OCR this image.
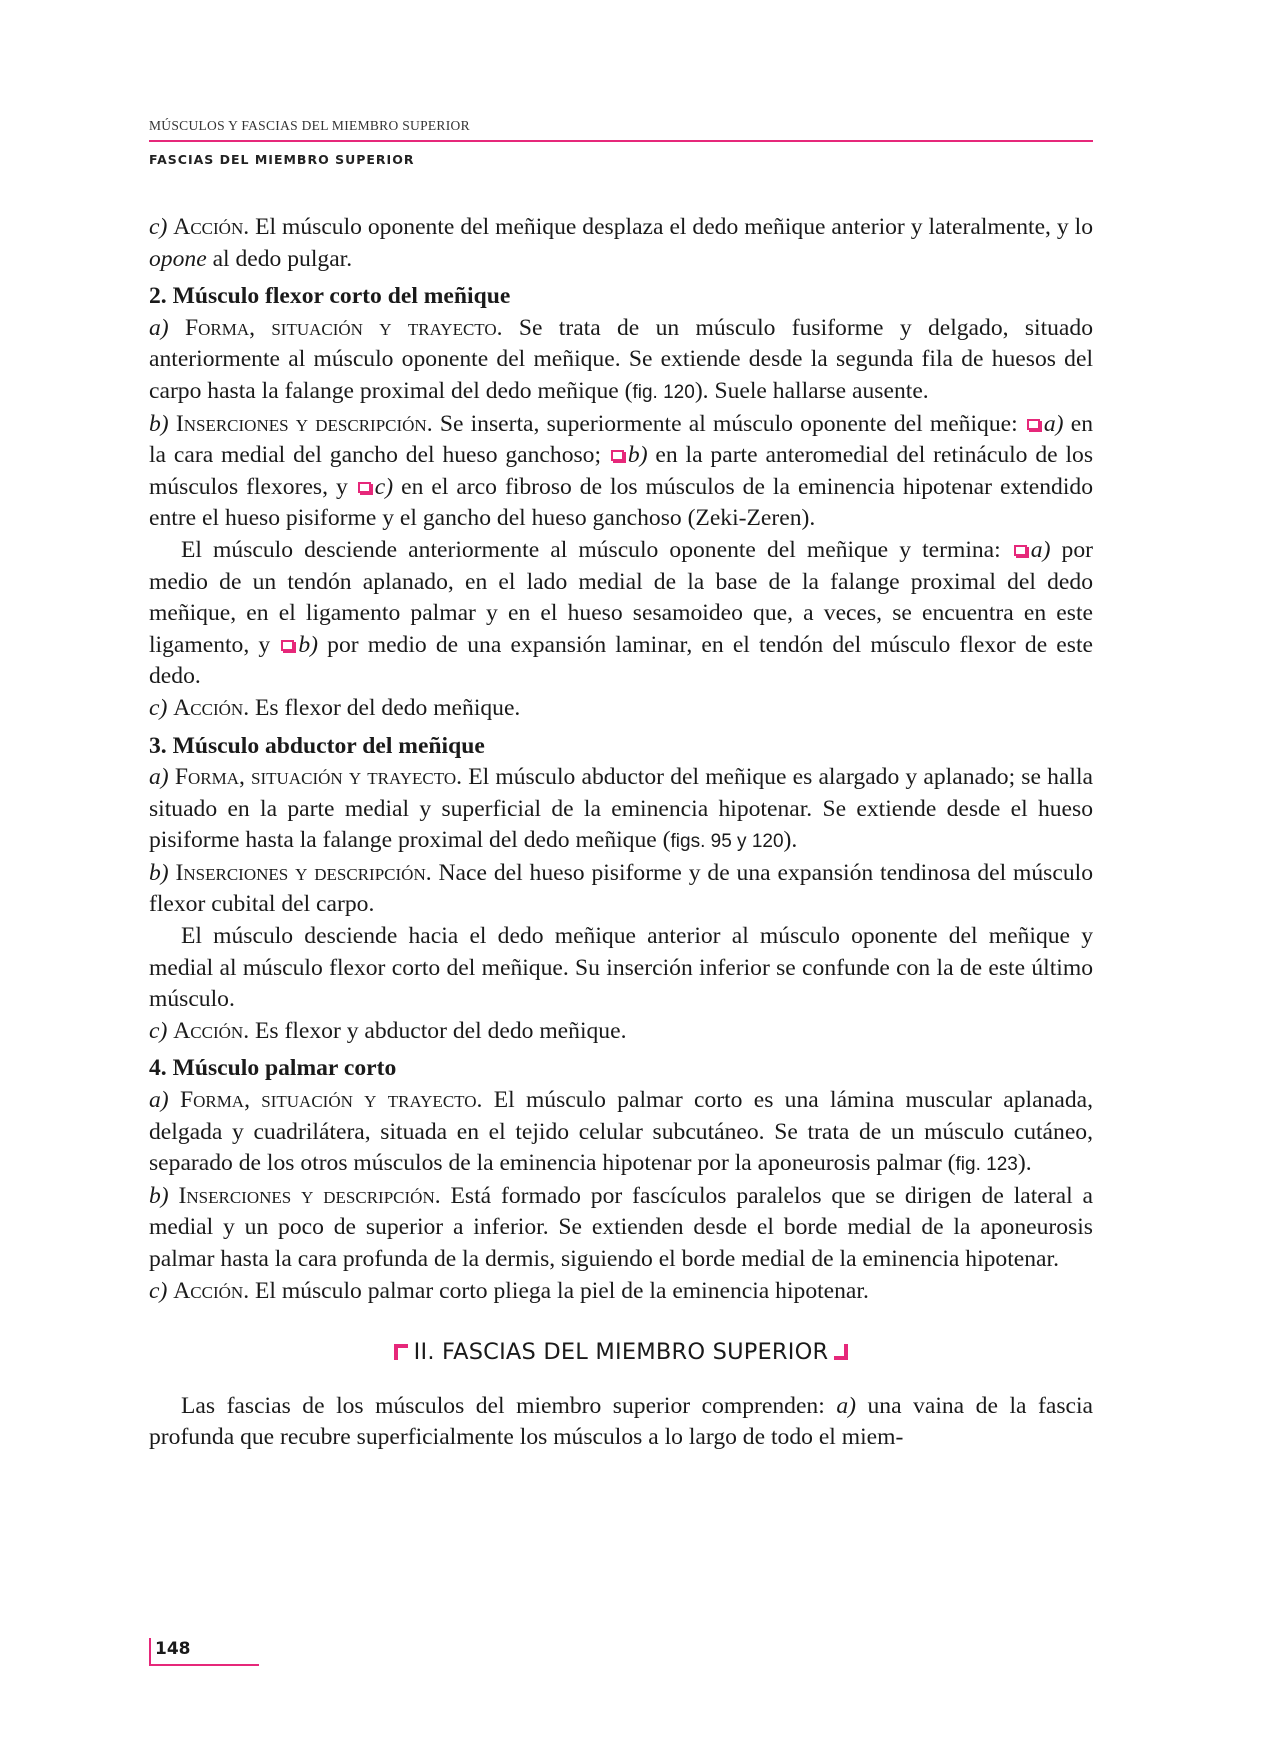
MÚSCULOS Y FASCIAS DEL MIEMBRO SUPERIOR
FASCIAS DEL MIEMBRO SUPERIOR

c) Acción. El músculo oponente del meñique desplaza el dedo meñique anterior y lateralmente, y lo opone al dedo pulgar.

2. Músculo flexor corto del meñique

a) Forma, situación y trayecto. Se trata de un músculo fusiforme y delgado, situado anteriormente al músculo oponente del meñique. Se extiende desde la segunda fila de huesos del carpo hasta la falange proximal del dedo meñique (fig. 120). Suele hallarse ausente.

b) Inserciones y descripción. Se inserta, superiormente al músculo oponente del meñique: a) en la cara medial del gancho del hueso ganchoso; b) en la parte anteromedial del retináculo de los músculos flexores, y c) en el arco fibroso de los músculos de la eminencia hipotenar extendido entre el hueso pisiforme y el gancho del hueso ganchoso (Zeki-Zeren).

El músculo desciende anteriormente al músculo oponente del meñique y termina: a) por medio de un tendón aplanado, en el lado medial de la base de la falange proximal del dedo meñique, en el ligamento palmar y en el hueso sesamoideo que, a veces, se encuentra en este ligamento, y b) por medio de una expansión laminar, en el tendón del músculo flexor de este dedo.

c) Acción. Es flexor del dedo meñique.

3. Músculo abductor del meñique

a) Forma, situación y trayecto. El músculo abductor del meñique es alargado y aplanado; se halla situado en la parte medial y superficial de la eminencia hipotenar. Se extiende desde el hueso pisiforme hasta la falange proximal del dedo meñique (figs. 95 y 120).

b) Inserciones y descripción. Nace del hueso pisiforme y de una expansión tendinosa del músculo flexor cubital del carpo.

El músculo desciende hacia el dedo meñique anterior al músculo oponente del meñique y medial al músculo flexor corto del meñique. Su inserción inferior se confunde con la de este último músculo.

c) Acción. Es flexor y abductor del dedo meñique.

4. Músculo palmar corto

a) Forma, situación y trayecto. El músculo palmar corto es una lámina muscular aplanada, delgada y cuadrilátera, situada en el tejido celular subcutáneo. Se trata de un músculo cutáneo, separado de los otros músculos de la eminencia hipotenar por la aponeurosis palmar (fig. 123).

b) Inserciones y descripción. Está formado por fascículos paralelos que se dirigen de lateral a medial y un poco de superior a inferior. Se extienden desde el borde medial de la aponeurosis palmar hasta la cara profunda de la dermis, siguiendo el borde medial de la eminencia hipotenar.

c) Acción. El músculo palmar corto pliega la piel de la eminencia hipotenar.

II. FASCIAS DEL MIEMBRO SUPERIOR

Las fascias de los músculos del miembro superior comprenden: a) una vaina de la fascia profunda que recubre superficialmente los músculos a lo largo de todo el miem-

148
